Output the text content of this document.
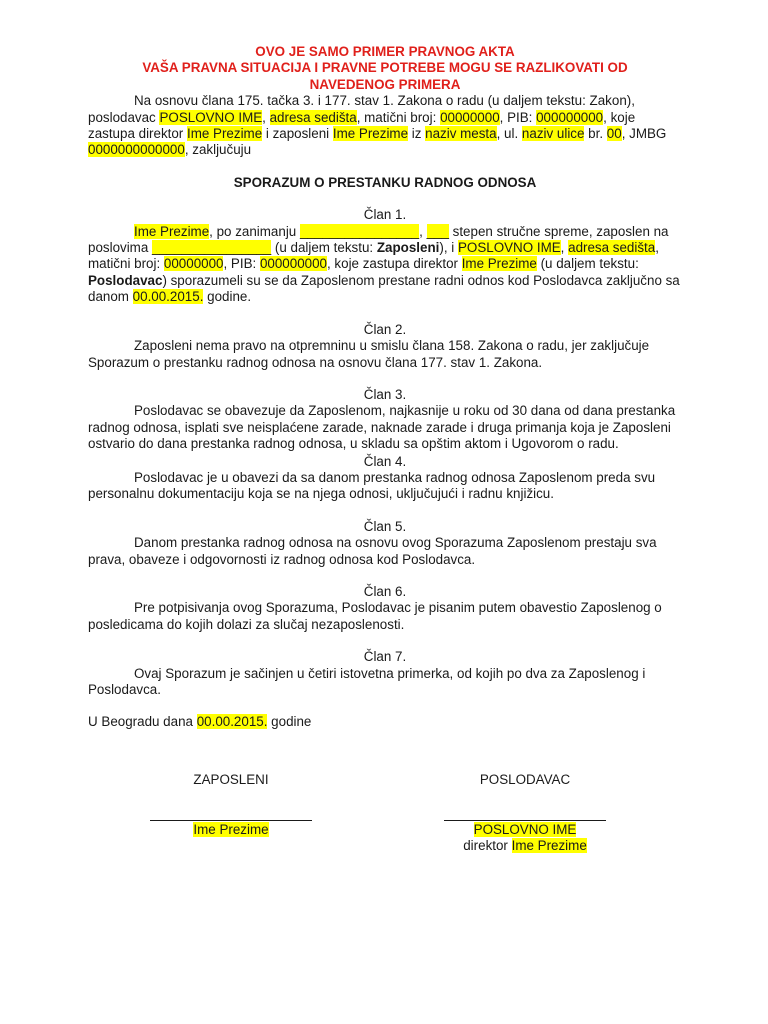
OVO JE SAMO PRIMER PRAVNOG AKTA

VAŠA PRAVNA SITUACIJA I PRAVNE POTREBE MOGU SE RAZLIKOVATI OD

NAVEDENOG PRIMERA

Na osnovu člana 175. tačka 3. i 177. stav 1. Zakona o radu (u daljem tekstu: Zakon), poslodavac POSLOVNO IME, adresa sedišta, matični broj: 00000000, PIB: 000000000, koje zastupa direktor Ime Prezime i zaposleni Ime Prezime iz naziv mesta, ul. naziv ulice br. 00, JMBG 0000000000000, zaključuju

SPORAZUM O PRESTANKU RADNOG ODNOSA

Član 1.

Ime Prezime, po zanimanju ________________, ___ stepen stručne spreme, zaposlen na poslovima ________________ (u daljem tekstu: Zaposleni), i POSLOVNO IME, adresa sedišta, matični broj: 00000000, PIB: 000000000, koje zastupa direktor Ime Prezime (u daljem tekstu: Poslodavac) sporazumeli su se da Zaposlenom prestane radni odnos kod Poslodavca zaključno sa danom 00.00.2015. godine.

Član 2.

Zaposleni nema pravo na otpremninu u smislu člana 158. Zakona o radu, jer zaključuje Sporazum o prestanku radnog odnosa na osnovu člana 177. stav 1. Zakona.

Član 3.

Poslodavac se obavezuje da Zaposlenom, najkasnije u roku od 30 dana od dana prestanka radnog odnosa, isplati sve neisplaćene zarade, naknade zarade i druga primanja koja je Zaposleni ostvario do dana prestanka radnog odnosa, u skladu sa opštim aktom i Ugovorom o radu.

Član 4.

Poslodavac je u obavezi da sa danom prestanka radnog odnosa Zaposlenom preda svu personalnu dokumentaciju koja se na njega odnosi, uključujući i radnu knjižicu.

Član 5.

Danom prestanka radnog odnosa na osnovu ovog Sporazuma Zaposlenom prestaju sva prava, obaveze i odgovornosti iz radnog odnosa kod Poslodavca.

Član 6.

Pre potpisivanja ovog Sporazuma, Poslodavac je pisanim putem obavestio Zaposlenog o posledicama do kojih dolazi za slučaj nezaposlenosti.

Član 7.

Ovaj Sporazum je sačinjen u četiri istovetna primerka, od kojih po dva za Zaposlenog i Poslodavca.

U Beogradu dana 00.00.2015. godine

ZAPOSLENI
Ime Prezime
POSLODAVAC
POSLOVNO IME
direktor Ime Prezime
